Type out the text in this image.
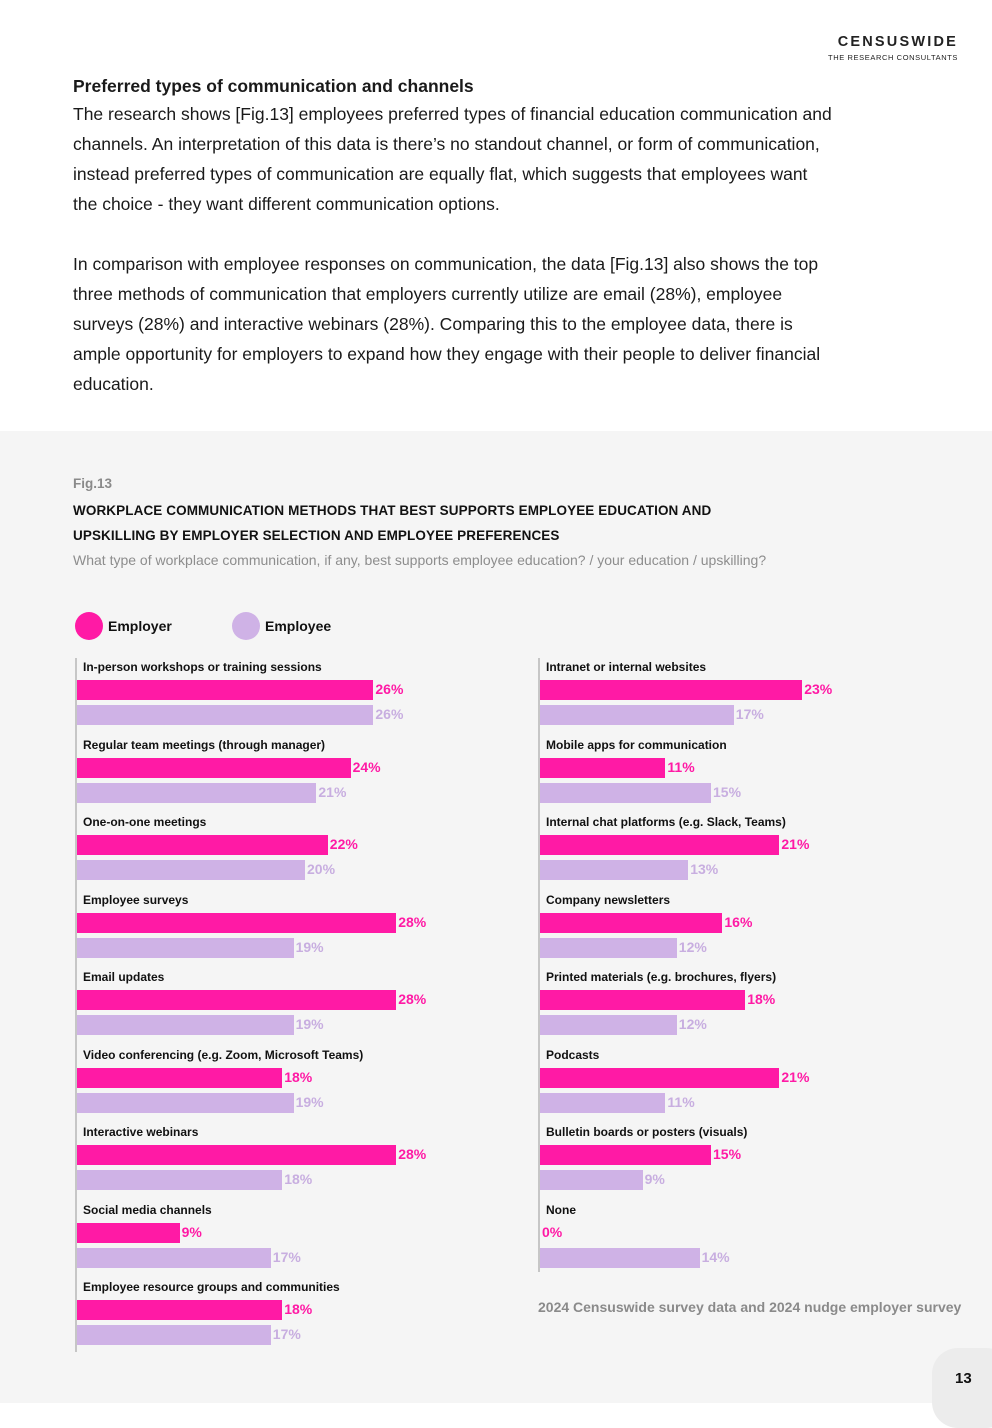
CENSUSWIDE
THE RESEARCH CONSULTANTS
Preferred types of communication and channels

The research shows [Fig.13] employees preferred types of financial education communication and channels. An interpretation of this data is there’s no standout channel, or form of communication, instead preferred types of communication are equally flat, which suggests that employees want the choice - they want different communication options.

In comparison with employee responses on communication, the data [Fig.13] also shows the top three methods of communication that employers currently utilize are email (28%), employee surveys (28%) and interactive webinars (28%). Comparing this to the employee data, there is ample opportunity for employers to expand how they engage with their people to deliver financial education.

Fig.13
WORKPLACE COMMUNICATION METHODS THAT BEST SUPPORTS EMPLOYEE EDUCATION AND UPSKILLING BY EMPLOYER SELECTION AND EMPLOYEE PREFERENCES
What type of workplace communication, if any, best supports employee education? / your education / upskilling?
Employer	Employee
In-person workshops or training sessions
26%
26%
Regular team meetings (through manager)
24%
21%
One-on-one meetings
22%
20%
Employee surveys
28%
19%
Email updates
28%
19%
Video conferencing (e.g. Zoom, Microsoft Teams)
18%
19%
Interactive webinars
28%
18%
Social media channels
9%
17%
Employee resource groups and communities
18%
17%
Intranet or internal websites
23%
17%
Mobile apps for communication
11%
15%
Internal chat platforms (e.g. Slack, Teams)
21%
13%
Company newsletters
16%
12%
Printed materials (e.g. brochures, flyers)
18%
12%
Podcasts
21%
11%
Bulletin boards or posters (visuals)
15%
9%
None
0%
14%
2024 Censuswide survey data and 2024 nudge employer survey
13
